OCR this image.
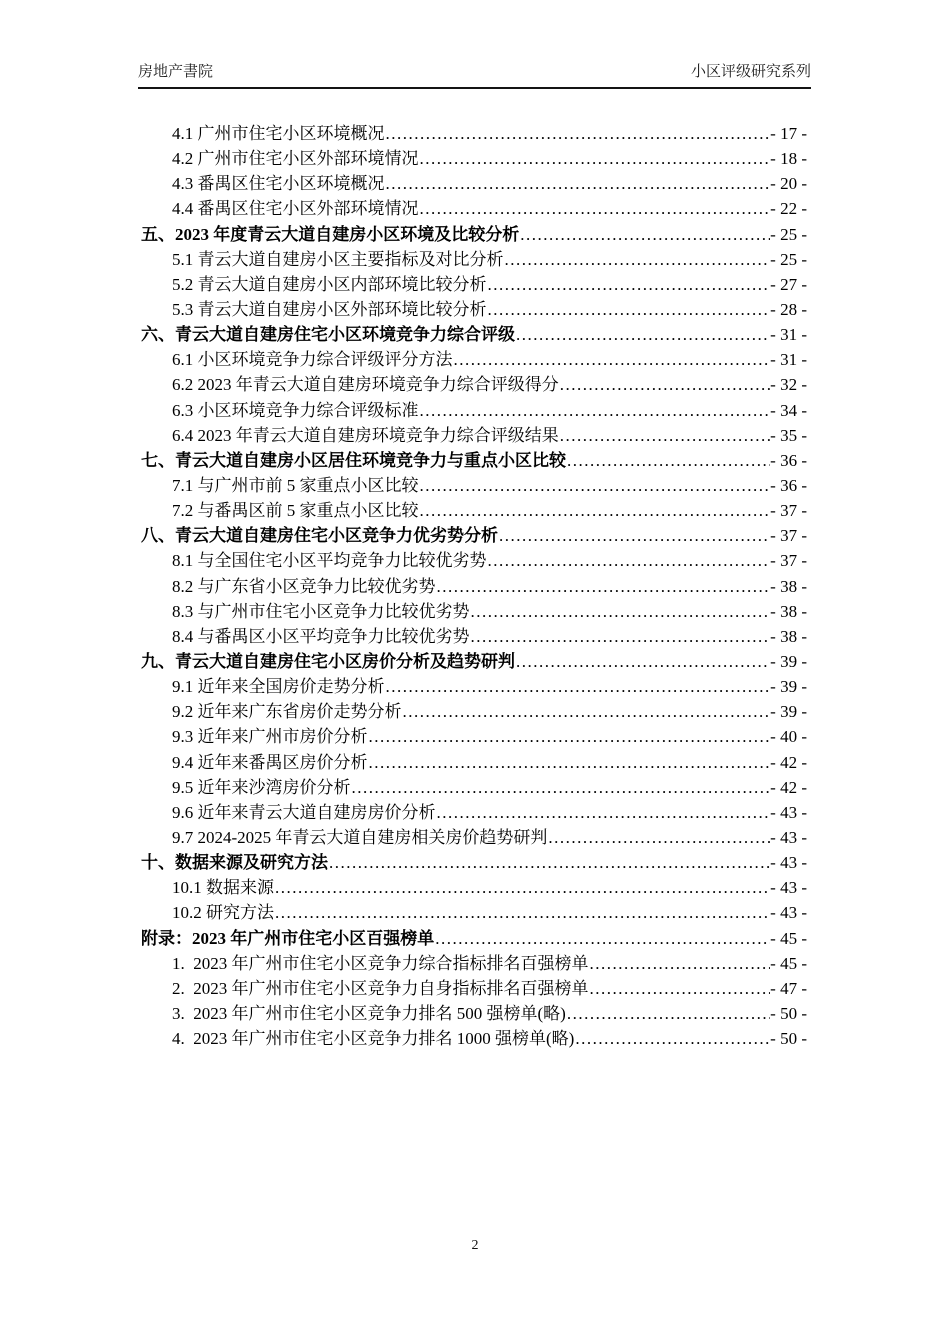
房地产書院	小区评级研究系列
4.1 广州市住宅小区环境概况 .....	- 17 -
4.2 广州市住宅小区外部环境情况 .....	- 18 -
4.3 番禺区住宅小区环境概况 .....	- 20 -
4.4 番禺区住宅小区外部环境情况 .....	- 22 -
五、2023 年度青云大道自建房小区环境及比较分析 .....	- 25 -
5.1 青云大道自建房小区主要指标及对比分析 .....	- 25 -
5.2 青云大道自建房小区内部环境比较分析 .....	- 27 -
5.3 青云大道自建房小区外部环境比较分析 .....	- 28 -
六、青云大道自建房住宅小区环境竞争力综合评级 .....	- 31 -
6.1 小区环境竞争力综合评级评分方法 .....	- 31 -
6.2 2023 年青云大道自建房环境竞争力综合评级得分 .....	- 32 -
6.3 小区环境竞争力综合评级标准 .....	- 34 -
6.4 2023 年青云大道自建房环境竞争力综合评级结果 .....	- 35 -
七、青云大道自建房小区居住环境竞争力与重点小区比较 .....	- 36 -
7.1 与广州市前 5 家重点小区比较 .....	- 36 -
7.2 与番禺区前 5 家重点小区比较 .....	- 37 -
八、青云大道自建房住宅小区竞争力优劣势分析 .....	- 37 -
8.1 与全国住宅小区平均竞争力比较优劣势 .....	- 37 -
8.2 与广东省小区竞争力比较优劣势 .....	- 38 -
8.3 与广州市住宅小区竞争力比较优劣势 .....	- 38 -
8.4 与番禺区小区平均竞争力比较优劣势 .....	- 38 -
九、青云大道自建房住宅小区房价分析及趋势研判 .....	- 39 -
9.1 近年来全国房价走势分析 .....	- 39 -
9.2 近年来广东省房价走势分析 .....	- 39 -
9.3 近年来广州市房价分析 .....	- 40 -
9.4 近年来番禺区房价分析 .....	- 42 -
9.5 近年来沙湾房价分析 .....	- 42 -
9.6 近年来青云大道自建房房价分析 .....	- 43 -
9.7 2024-2025 年青云大道自建房相关房价趋势研判 .....	- 43 -
十、数据来源及研究方法 .....	- 43 -
10.1 数据来源 .....	- 43 -
10.2 研究方法 .....	- 43 -
附录：2023 年广州市住宅小区百强榜单 .....	- 45 -
1.  2023 年广州市住宅小区竞争力综合指标排名百强榜单 .....	- 45 -
2.  2023 年广州市住宅小区竞争力自身指标排名百强榜单 .....	- 47 -
3.  2023 年广州市住宅小区竞争力排名 500 强榜单(略) .....	- 50 -
4.  2023 年广州市住宅小区竞争力排名 1000 强榜单(略) .....	- 50 -
2
